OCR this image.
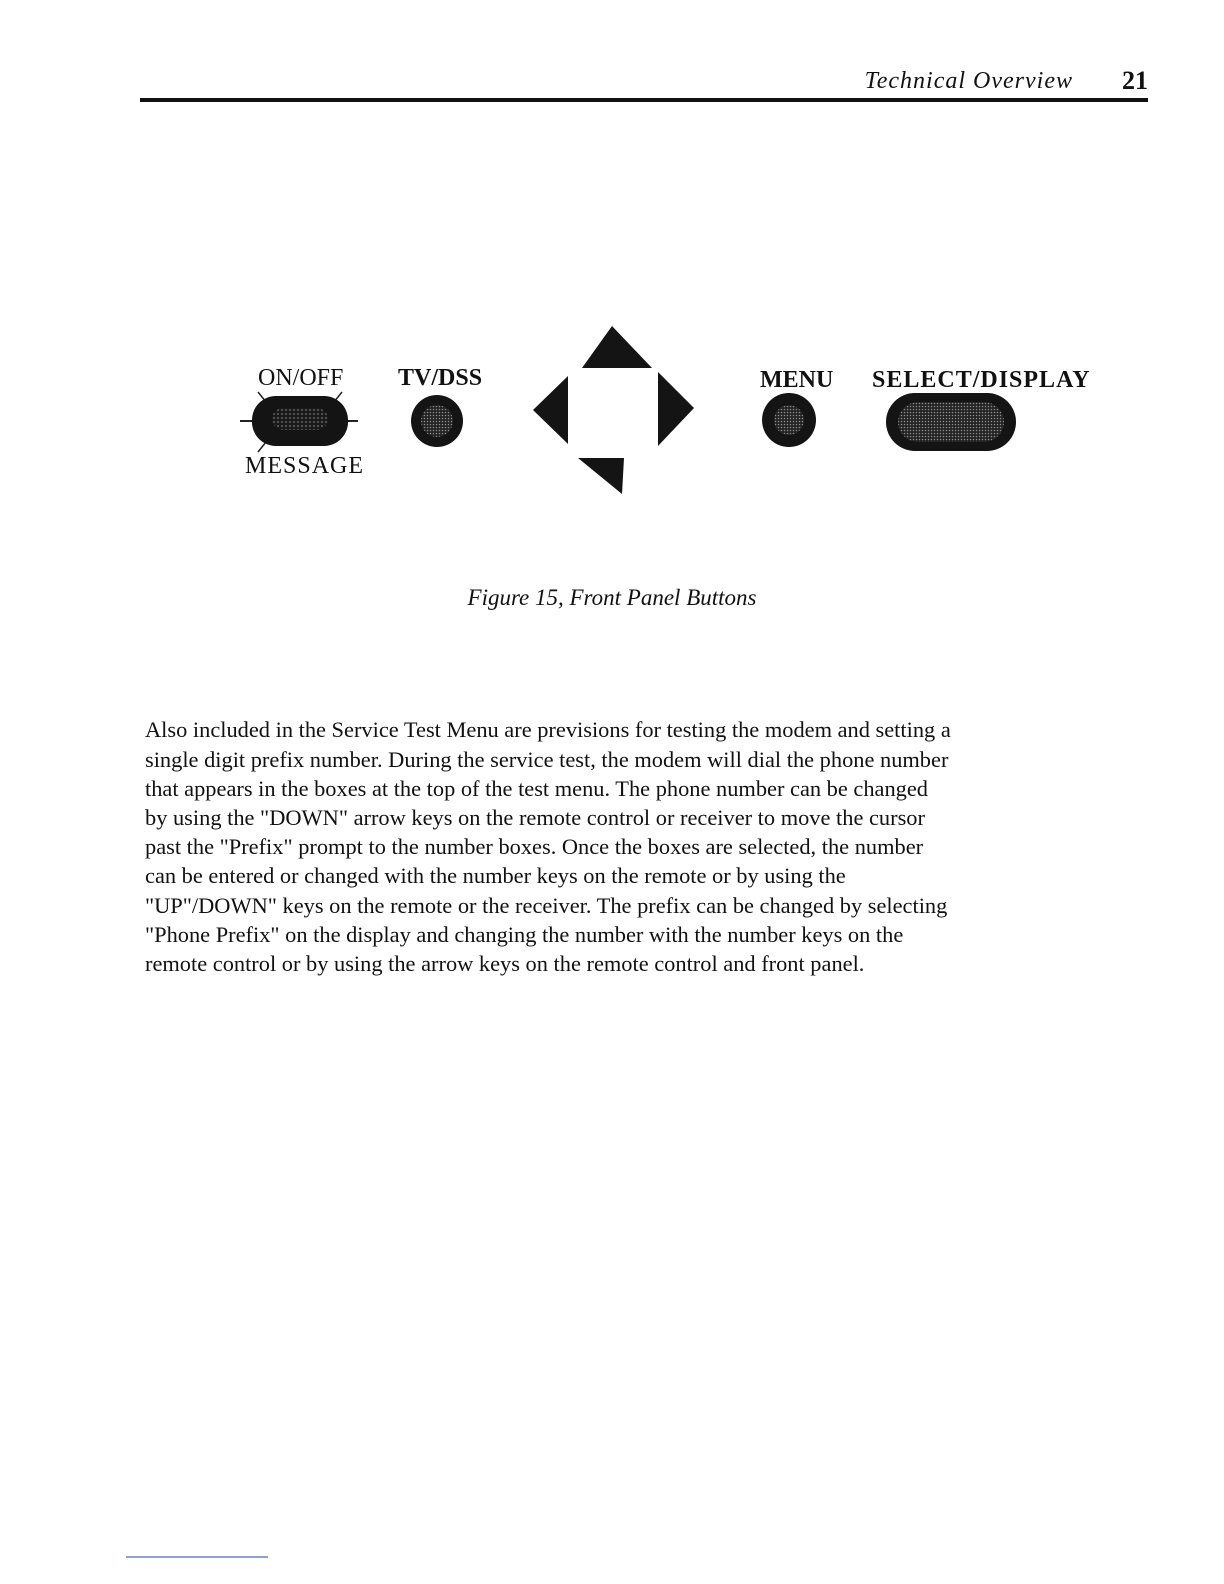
Technical Overview 21
ON/OFF TV/DSS	MENU SELECT/DISPLAY
MESSAGE
Figure 15, Front Panel Buttons

Also included in the Service Test Menu are previsions for testing the modem and setting a single digit prefix number. During the service test, the modem will dial the phone number that appears in the boxes at the top of the test menu. The phone number can be changed by using the "DOWN" arrow keys on the remote control or receiver to move the cursor past the "Prefix" prompt to the number boxes. Once the boxes are selected, the number can be entered or changed with the number keys on the remote or by using the "UP"/DOWN" keys on the remote or the receiver. The prefix can be changed by selecting "Phone Prefix" on the display and changing the number with the number keys on the remote control or by using the arrow keys on the remote control and front panel.
